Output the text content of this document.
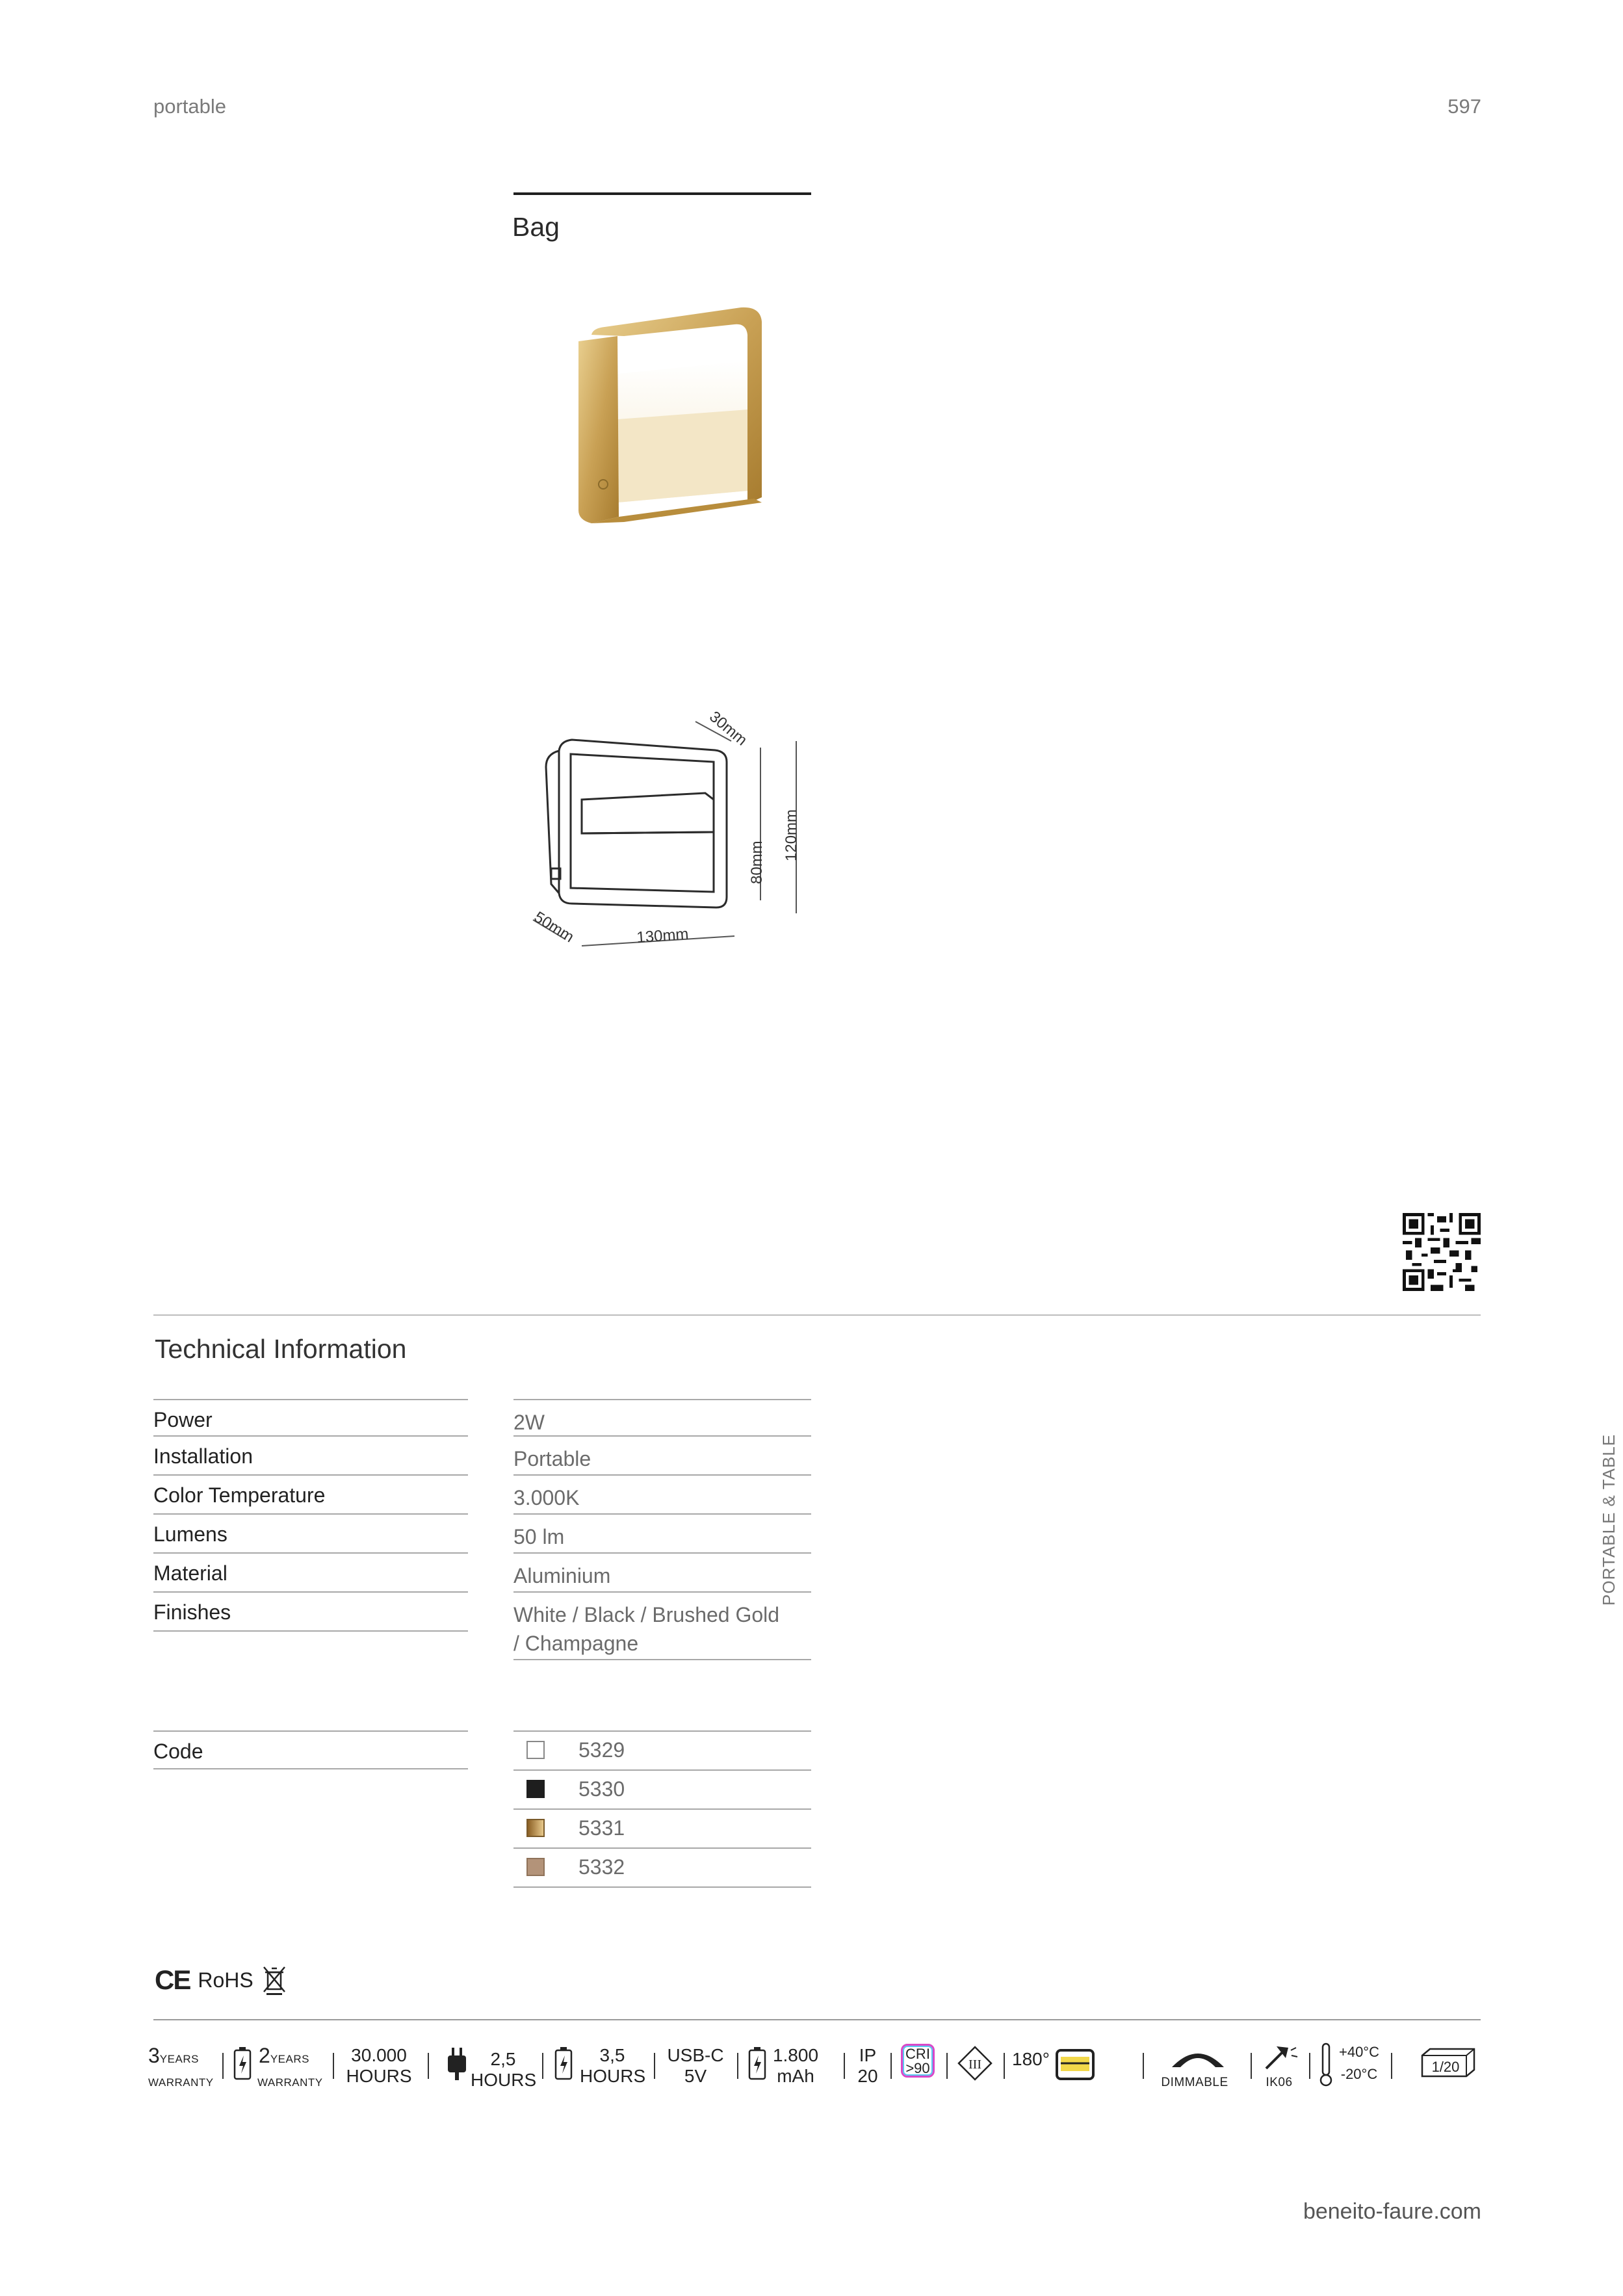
portable	597
Bag
30mm
80mm
120mm
50mm	130mm
PORTABLE & TABLE
Technical Information
Power	2W
Installation	Portable
Color Temperature	3.000K
Lumens	50 lm
Material	Aluminium
Finishes	White / Black / Brushed Gold
/ Champagne
Code	5329
5330
5331
5332
CE RoHS
3YEARS
WARRANTY
2YEARS
WARRANTY
30.000
HOURS
2,5
HOURS
3,5
HOURS
USB-C
5V
1.800
mAh
IP
20
CRI
>90	III 180°
DIMMABLE	IK06
+40°C
-20°C	1/20
beneito-faure.com
